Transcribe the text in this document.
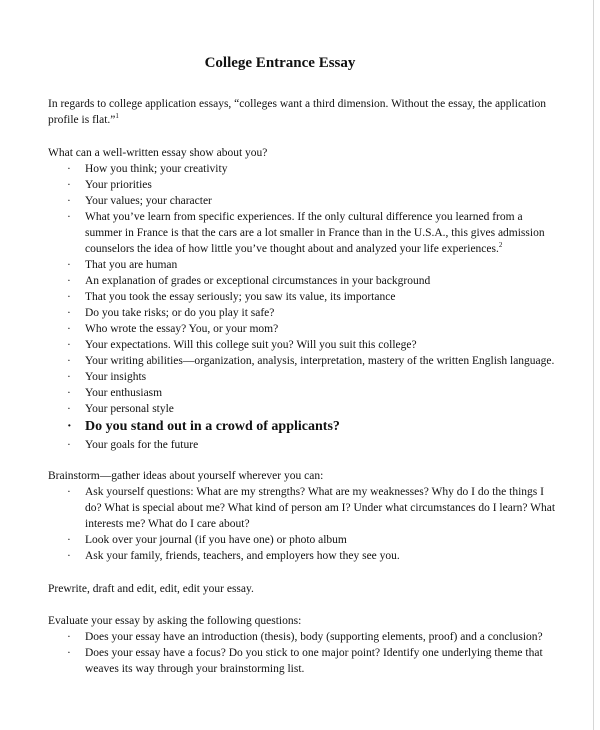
College Entrance Essay

In regards to college application essays, “colleges want a third dimension. Without the essay, the application profile is flat.”$^1$

What can a well-written essay show about you?

· How you think; your creativity
· Your priorities
· Your values; your character
· What you’ve learn from specific experiences. If the only cultural difference you learned from a summer in France is that the cars are a lot smaller in France than in the U.S.A., this gives admission counselors the idea of how little you’ve thought about and analyzed your life experiences.$^2$
· That you are human
· An explanation of grades or exceptional circumstances in your background
· That you took the essay seriously; you saw its value, its importance
· Do you take risks; or do you play it safe?
· Who wrote the essay? You, or your mom?
· Your expectations. Will this college suit you? Will you suit this college?
· Your writing abilities—organization, analysis, interpretation, mastery of the written English language.
· Your insights
· Your enthusiasm
· Your personal style
· Do you stand out in a crowd of applicants?
· Your goals for the future

Brainstorm—gather ideas about yourself wherever you can:

· Ask yourself questions: What are my strengths? What are my weaknesses? Why do I do the things I do? What is special about me? What kind of person am I? Under what circumstances do I learn? What interests me? What do I care about?
· Look over your journal (if you have one) or photo album
· Ask your family, friends, teachers, and employers how they see you.

Prewrite, draft and edit, edit, edit your essay.

Evaluate your essay by asking the following questions:

· Does your essay have an introduction (thesis), body (supporting elements, proof) and a conclusion?
· Does your essay have a focus? Do you stick to one major point? Identify one underlying theme that weaves its way through your brainstorming list.
